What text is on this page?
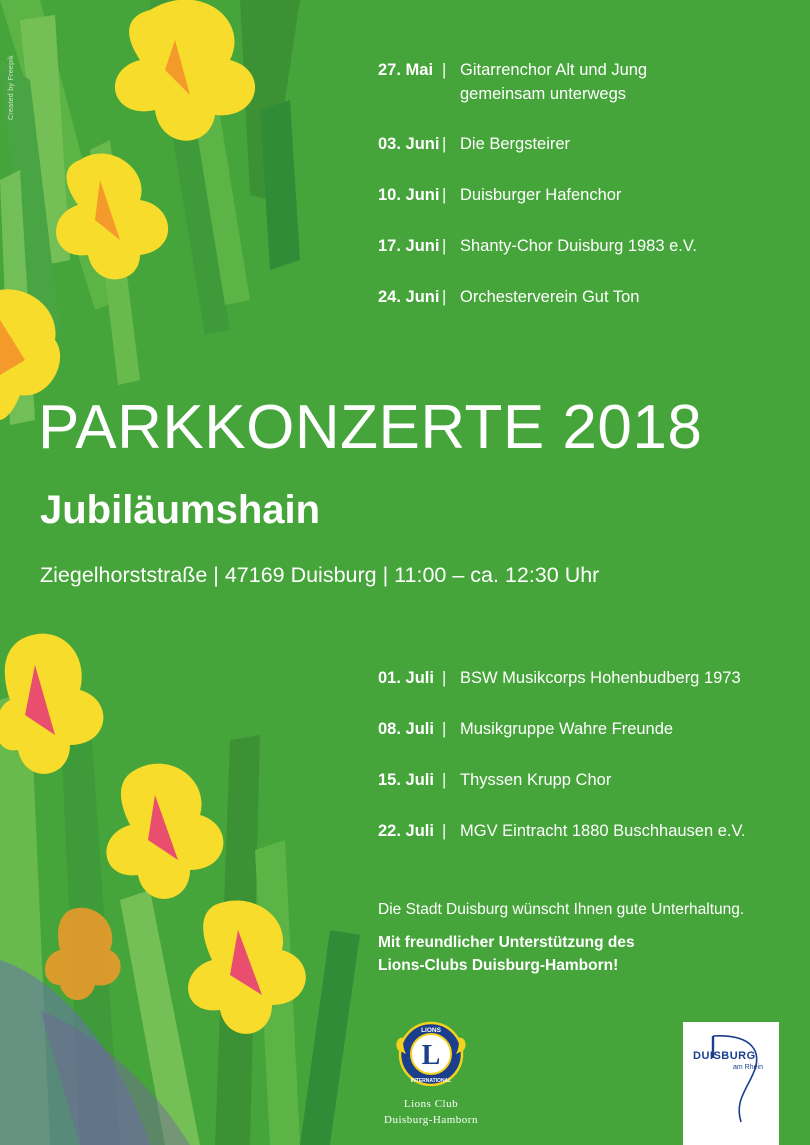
Created by Freepik	27. Mai | Gitarrenchor Alt und Jung
gemeinsam unterwegs
03. Juni | Die Bergsteirer
10. Juni | Duisburger Hafenchor
17. Juni | Shanty-Chor Duisburg 1983 e.V.
24. Juni | Orchesterverein Gut Ton
PARKKONZERTE 2018
Jubiläumshain
Ziegelhorststraße | 47169 Duisburg | 11:00 – ca. 12:30 Uhr
01. Juli | BSW Musikcorps Hohenbudberg 1973
08. Juli | Musikgruppe Wahre Freunde
15. Juli | Thyssen Krupp Chor
22. Juli | MGV Eintracht 1880 Buschhausen e.V.
Die Stadt Duisburg wünscht Ihnen gute Unterhaltung.
Mit freundlicher Unterstützung des
Lions-Clubs Duisburg-Hamborn!
L
LIONS
INTERNATIONAL
Lions Club
Duisburg-Hamborn
DUISBURG
am Rhein
